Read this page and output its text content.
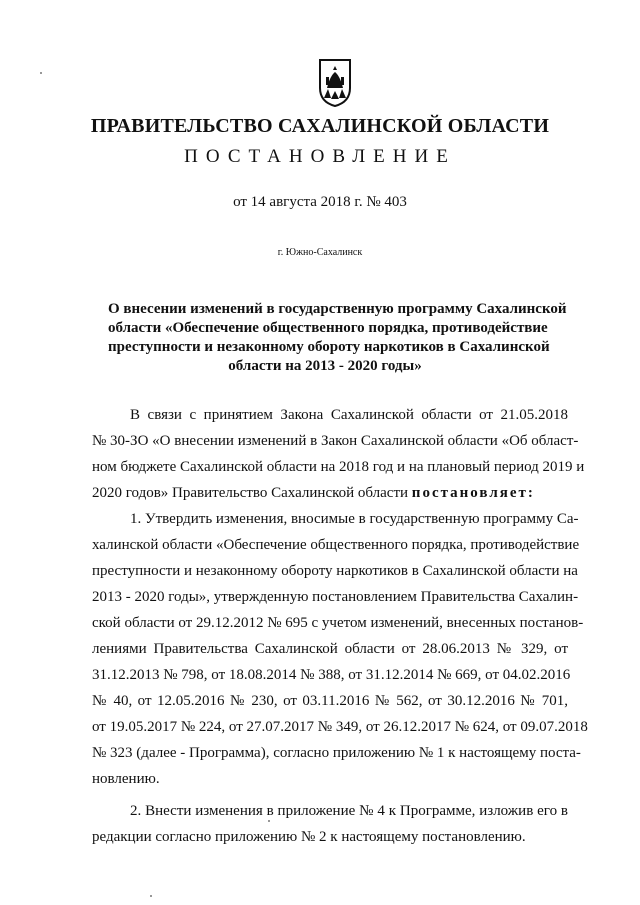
ПРАВИТЕЛЬСТВО САХАЛИНСКОЙ ОБЛАСТИ
ПОСТАНОВЛЕНИЕ
от 14 августа 2018 г. № 403
г. Южно-Сахалинск
О внесении изменений в государственную программу Сахалинской
области «Обеспечение общественного порядка, противодействие
преступности и незаконному обороту наркотиков в Сахалинской
области на 2013 - 2020 годы»

В связи с принятием Закона Сахалинской области от 21.05.2018
№ 30-ЗО «О внесении изменений в Закон Сахалинской области «Об област-
ном бюджете Сахалинской области на 2018 год и на плановый период 2019 и
2020 годов» Правительство Сахалинской области постановляет:

1. Утвердить изменения, вносимые в государственную программу Са-
халинской области «Обеспечение общественного порядка, противодействие
преступности и незаконному обороту наркотиков в Сахалинской области на
2013 - 2020 годы», утвержденную постановлением Правительства Сахалин-
ской области от 29.12.2012 № 695 с учетом изменений, внесенных постанов-
лениями Правительства Сахалинской области от 28.06.2013 № 329, от
31.12.2013 № 798, от 18.08.2014 № 388, от 31.12.2014 № 669, от 04.02.2016
№ 40, от 12.05.2016 № 230, от 03.11.2016 № 562, от 30.12.2016 № 701,
от 19.05.2017 № 224, от 27.07.2017 № 349, от 26.12.2017 № 624, от 09.07.2018
№ 323 (далее - Программа), согласно приложению № 1 к настоящему поста-
новлению.

2. Внести изменения в приложение № 4 к Программе, изложив его в
редакции согласно приложению № 2 к настоящему постановлению.
